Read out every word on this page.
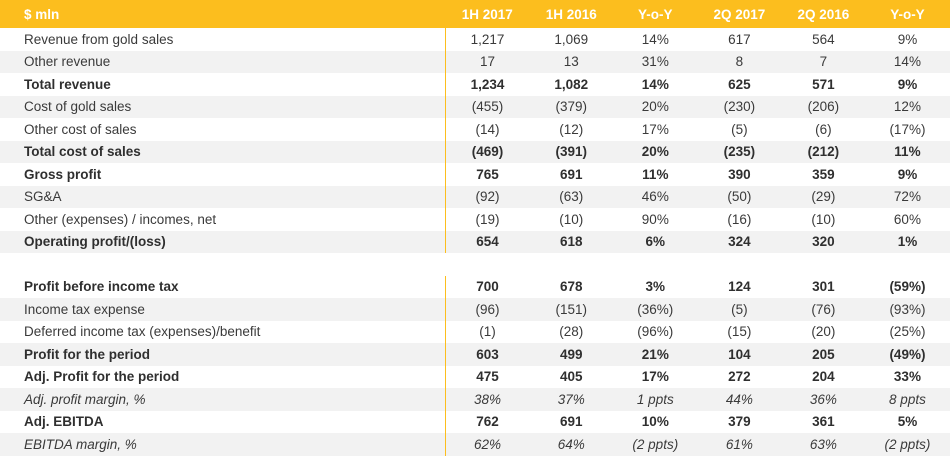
$ mln	1H 2017	1H 2016	Y-o-Y	2Q 2017	2Q 2016	Y-o-Y
Revenue from gold sales	1,217	1,069	14%	617	564	9%
Other revenue	17	13	31%	8	7	14%
Total revenue	1,234	1,082	14%	625	571	9%
Cost of gold sales	(455)	(379)	20%	(230)	(206)	12%
Other cost of sales	(14)	(12)	17%	(5)	(6)	(17%)
Total cost of sales	(469)	(391)	20%	(235)	(212)	11%
Gross profit	765	691	11%	390	359	9%
SG&A	(92)	(63)	46%	(50)	(29)	72%
Other (expenses) / incomes, net	(19)	(10)	90%	(16)	(10)	60%
Operating profit/(loss)	654	618	6%	324	320	1%

Profit before income tax	700	678	3%	124	301	(59%)
Income tax expense	(96)	(151)	(36%)	(5)	(76)	(93%)
Deferred income tax (expenses)/benefit	(1)	(28)	(96%)	(15)	(20)	(25%)
Profit for the period	603	499	21%	104	205	(49%)
Adj. Profit for the period	475	405	17%	272	204	33%
Adj. profit margin, %	38%	37%	1 ppts	44%	36%	8 ppts
Adj. EBITDA	762	691	10%	379	361	5%
EBITDA margin, %	62%	64%	(2 ppts)	61%	63%	(2 ppts)
